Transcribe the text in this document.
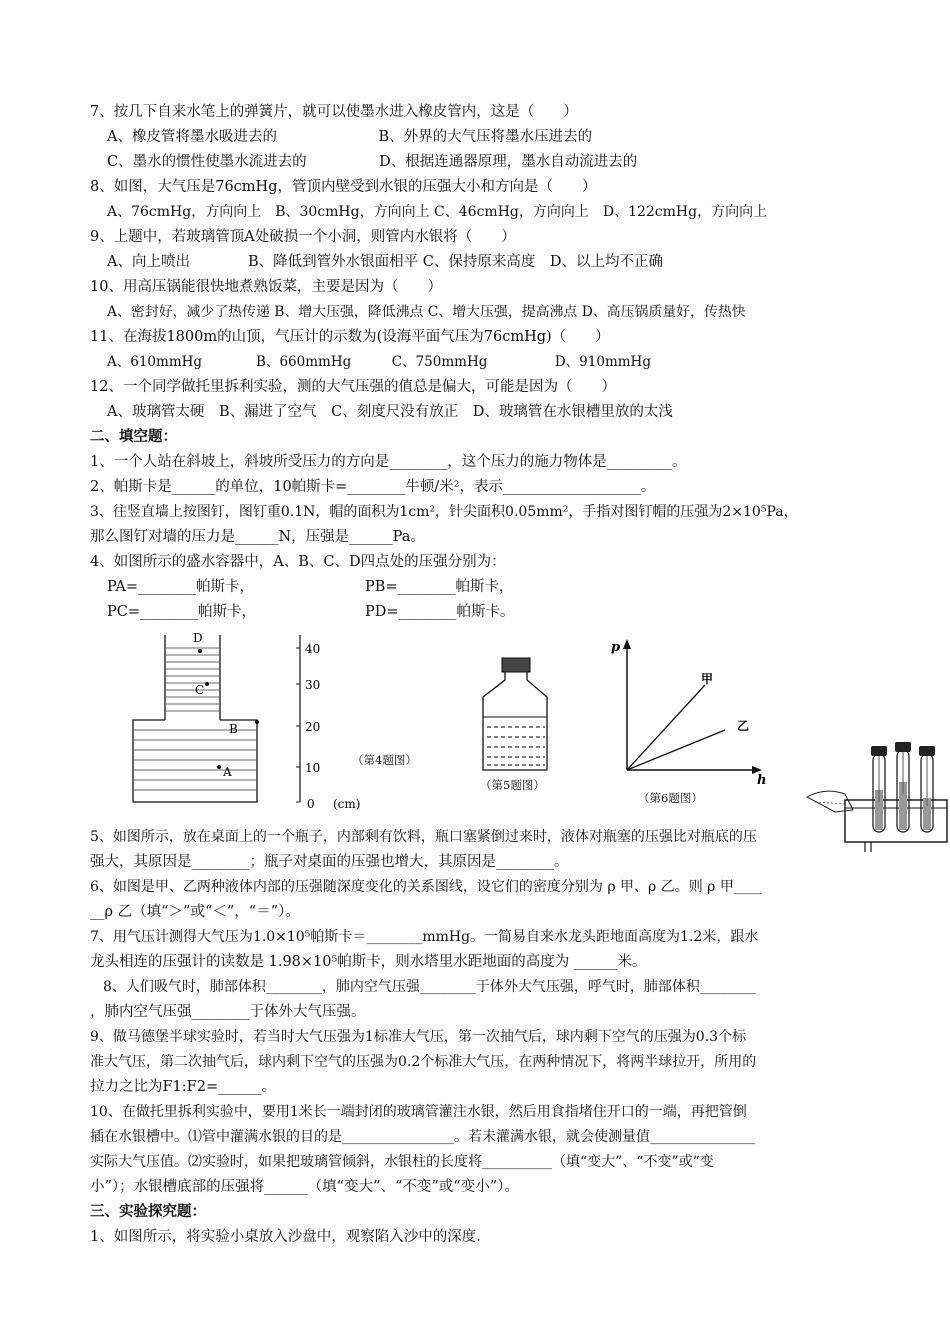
7、按几下自来水笔上的弹簧片，就可以使墨水进入橡皮管内，这是（　　）
A、橡皮管将墨水吸进去的　　　　　　　B、外界的大气压将墨水压进去的
C、墨水的惯性使墨水流进去的　　　　　D、根据连通器原理，墨水自动流进去的
8、如图，大气压是76cmHg，管顶内壁受到水银的压强大小和方向是（　　）
A、76cmHg，方向向上　B、30cmHg，方向向上 C、46cmHg，方向向上　D、122cmHg，方向向上
9、上题中，若玻璃管顶A处破损一个小洞，则管内水银将（　　）
A、向上喷出　　　　B、降低到管外水银面相平 C、保持原来高度　D、以上均不正确
10、用高压锅能很快地煮熟饭菜，主要是因为（　　）
A、密封好，减少了热传递 B、增大压强，降低沸点 C、增大压强，提高沸点 D、高压锅质量好，传热快
11、在海拔1800m的山顶，气压计的示数为(设海平面气压为76cmHg)（　　）
A、610mmHg　　　　B、660mmHg　　　C、750mmHg　　　　　D、910mmHg
12、一个同学做托里拆利实验，测的大气压强的值总是偏大，可能是因为（　　）
A、玻璃管太硬　B、漏进了空气　C、刻度尺没有放正　D、玻璃管在水银槽里放的太浅
二、填空题：
1、一个人站在斜坡上，斜坡所受压力的方向是________，这个压力的施力物体是_________。
2、帕斯卡是______的单位，10帕斯卡=________牛顿/米²，表示___________________。
3、往竖直墙上按图钉，图钉重0.1N，帽的面积为1cm²，针尖面积0.05mm²，手指对图钉帽的压强为2×10⁵Pa，
那么图钉对墙的压力是______N，压强是______Pa。
4、如图所示的盛水容器中，A、B、C、D四点处的压强分别为：
PA=________帕斯卡，	PB=________帕斯卡，
PC=________帕斯卡，	PD=________帕斯卡。
D
C
B
A
40
30
20
10
0 (cm)
（第4题图）
（第5题图）
p
h
甲
乙
（第6题图）
5、如图所示，放在桌面上的一个瓶子，内部剩有饮料，瓶口塞紧倒过来时，液体对瓶塞的压强比对瓶底的压
强大，其原因是________；瓶子对桌面的压强也增大，其原因是________。
6、如图是甲、乙两种液体内部的压强随深度变化的关系图线，设它们的密度分别为 ρ 甲、ρ 乙。则 ρ 甲____
__ρ 乙（填“＞”或“＜”，“＝”）。
7、用气压计测得大气压为1.0×10⁵帕斯卡＝________mmHg。一简易自来水龙头距地面高度为1.2米，跟水
龙头相连的压强计的读数是 1.98×10⁵帕斯卡，则水塔里水距地面的高度为 ______米。
8、人们吸气时，肺部体积________，肺内空气压强________于体外大气压强，呼气时，肺部体积________
，肺内空气压强________于体外大气压强。
9、做马德堡半球实验时，若当时大气压强为1标准大气压，第一次抽气后，球内剩下空气的压强为0.3个标
准大气压，第二次抽气后，球内剩下空气的压强为0.2个标准大气压，在两种情况下，将两半球拉开，所用的
拉力之比为F1:F2=______。
10、在做托里拆利实验中，要用1米长一端封闭的玻璃管灌注水银，然后用食指堵住开口的一端，再把管倒
插在水银槽中。⑴管中灌满水银的目的是________________。若未灌满水银，就会使测量值_______________
实际大气压值。⑵实验时，如果把玻璃管倾斜，水银柱的长度将__________（填“变大”、“不变”或“变
小”）；水银槽底部的压强将______（填“变大”、“不变”或“变小”）。
三、实验探究题：
1、如图所示，将实验小桌放入沙盘中，观察陷入沙中的深度.
